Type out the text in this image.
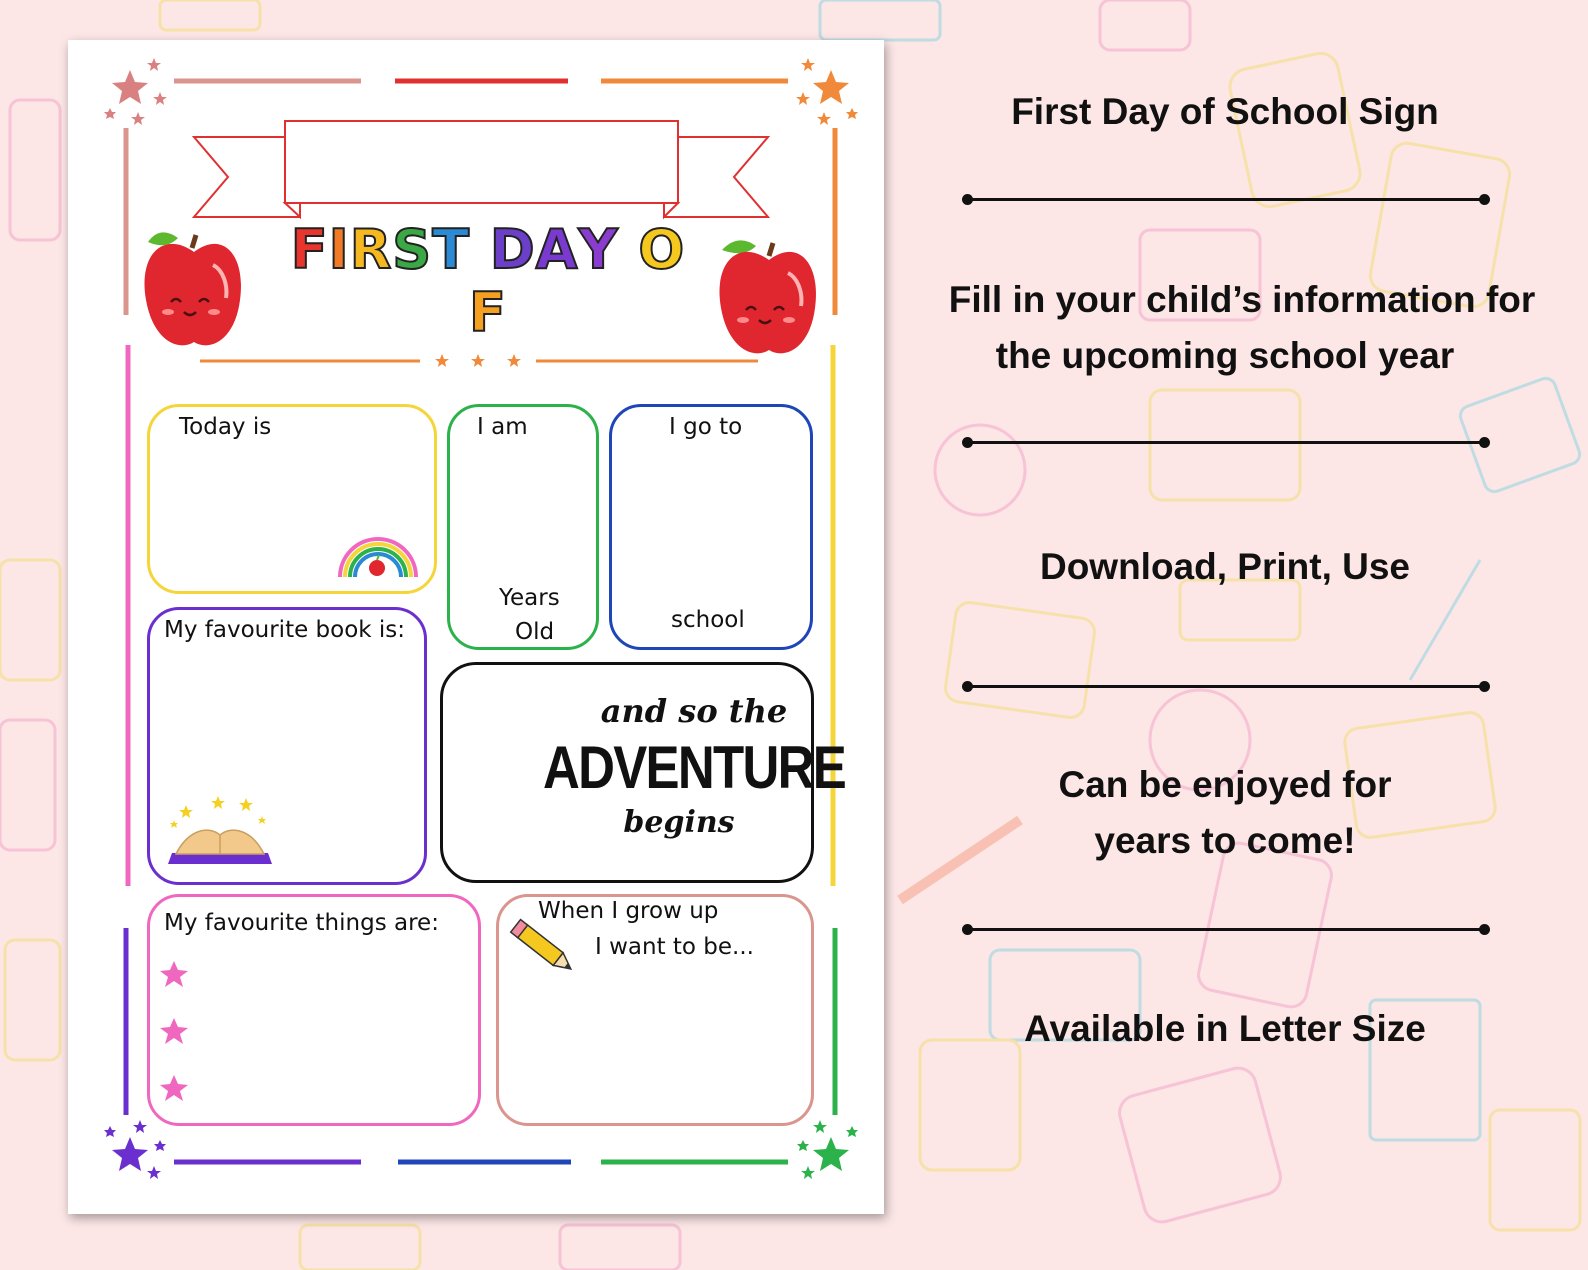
FIRST DAY OF
Today is	I am
Years
Old
I go to
school
My favourite book is:
and so the
ADVENTURE
begins
My favourite things are:	When I grow up
I want to be...
First Day of School Sign
Fill in your child’s information for
the upcoming school year
Download, Print, Use
Can be enjoyed for
years to come!
Available in Letter Size
